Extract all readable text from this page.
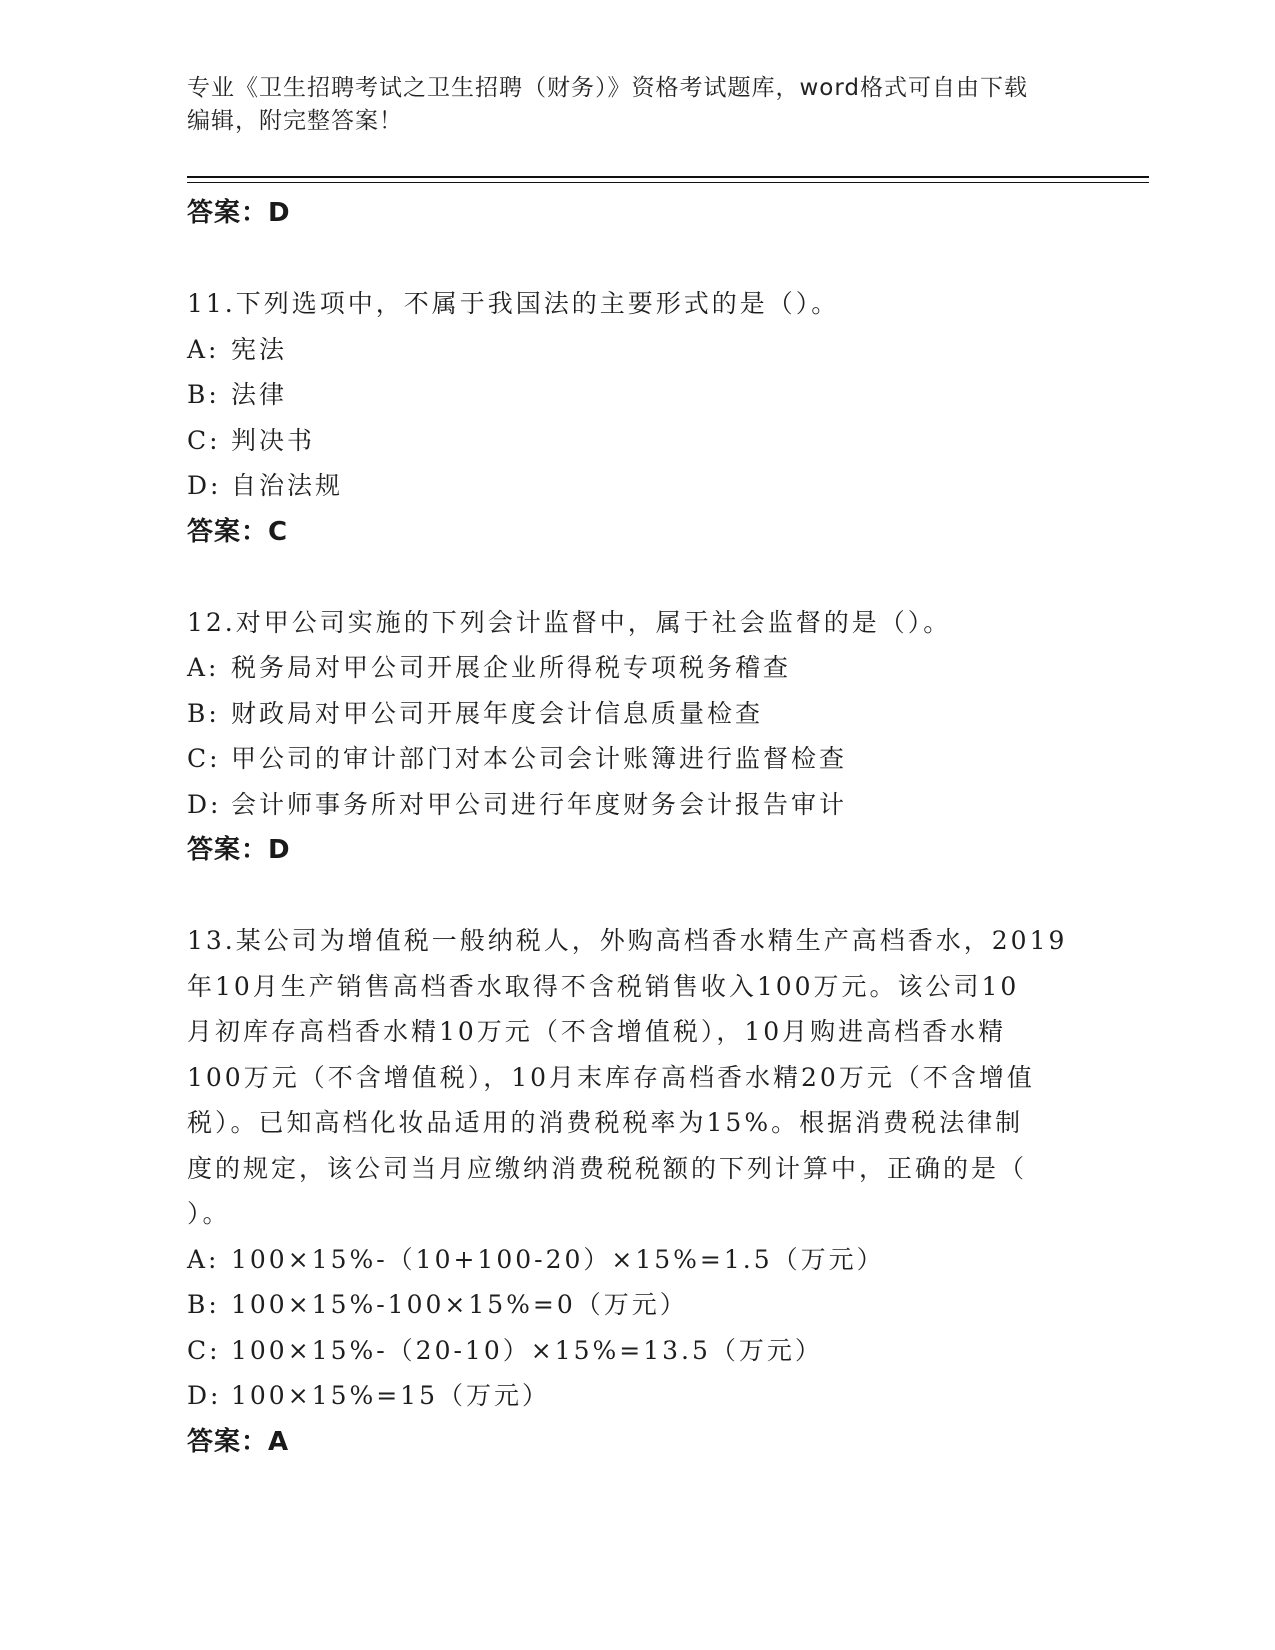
专业《卫生招聘考试之卫生招聘（财务）》资格考试题库，word格式可自由下载
编辑，附完整答案！
答案：D
11.下列选项中，不属于我国法的主要形式的是（）。
A: 宪法
B: 法律
C: 判决书
D: 自治法规
答案：C
12.对甲公司实施的下列会计监督中，属于社会监督的是（）。
A: 税务局对甲公司开展企业所得税专项税务稽查
B: 财政局对甲公司开展年度会计信息质量检查
C: 甲公司的审计部门对本公司会计账簿进行监督检查
D: 会计师事务所对甲公司进行年度财务会计报告审计
答案：D
13.某公司为增值税一般纳税人，外购高档香水精生产高档香水，2019
年10月生产销售高档香水取得不含税销售收入100万元。该公司10
月初库存高档香水精10万元（不含增值税），10月购进高档香水精
100万元（不含增值税），10月末库存高档香水精20万元（不含增值
税）。已知高档化妆品适用的消费税税率为15%。根据消费税法律制
度的规定，该公司当月应缴纳消费税税额的下列计算中，正确的是（
）。
A: 100×15%-（10+100-20）×15%=1.5（万元）
B: 100×15%-100×15%=0（万元）
C: 100×15%-（20-10）×15%=13.5（万元）
D: 100×15%=15（万元）
答案：A
